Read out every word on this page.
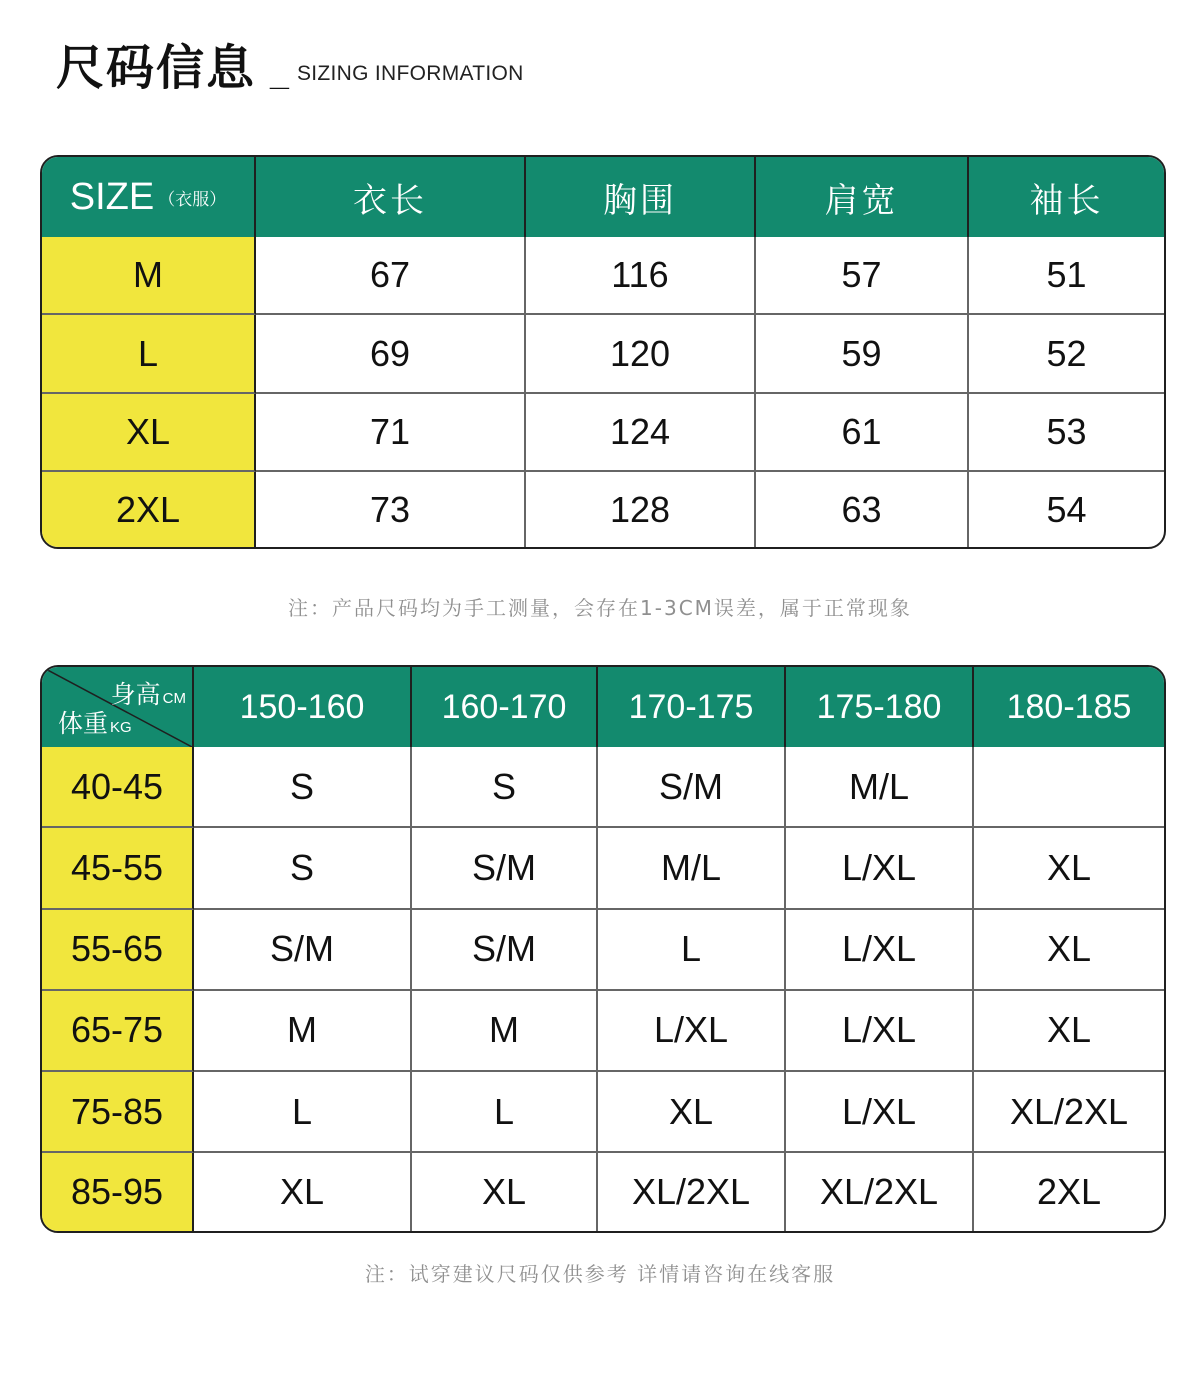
尺码信息 _ SIZING INFORMATION
SIZE （衣服）	衣长	胸围	肩宽	袖长
M	67	116	57	51
L	69	120	59	52
XL	71	124	61	53
2XL	73	128	63	54
注：产品尺码均为手工测量，会存在1-3CM误差，属于正常现象
身高 CM
体重 KG	150-160	160-170	170-175	175-180	180-185
40-45	S	S	S/M	M/L	
45-55	S	S/M	M/L	L/XL	XL
55-65	S/M	S/M	L	L/XL	XL
65-75	M	M	L/XL	L/XL	XL
75-85	L	L	XL	L/XL	XL/2XL
85-95	XL	XL	XL/2XL	XL/2XL	2XL
注：试穿建议尺码仅供参考 详情请咨询在线客服
